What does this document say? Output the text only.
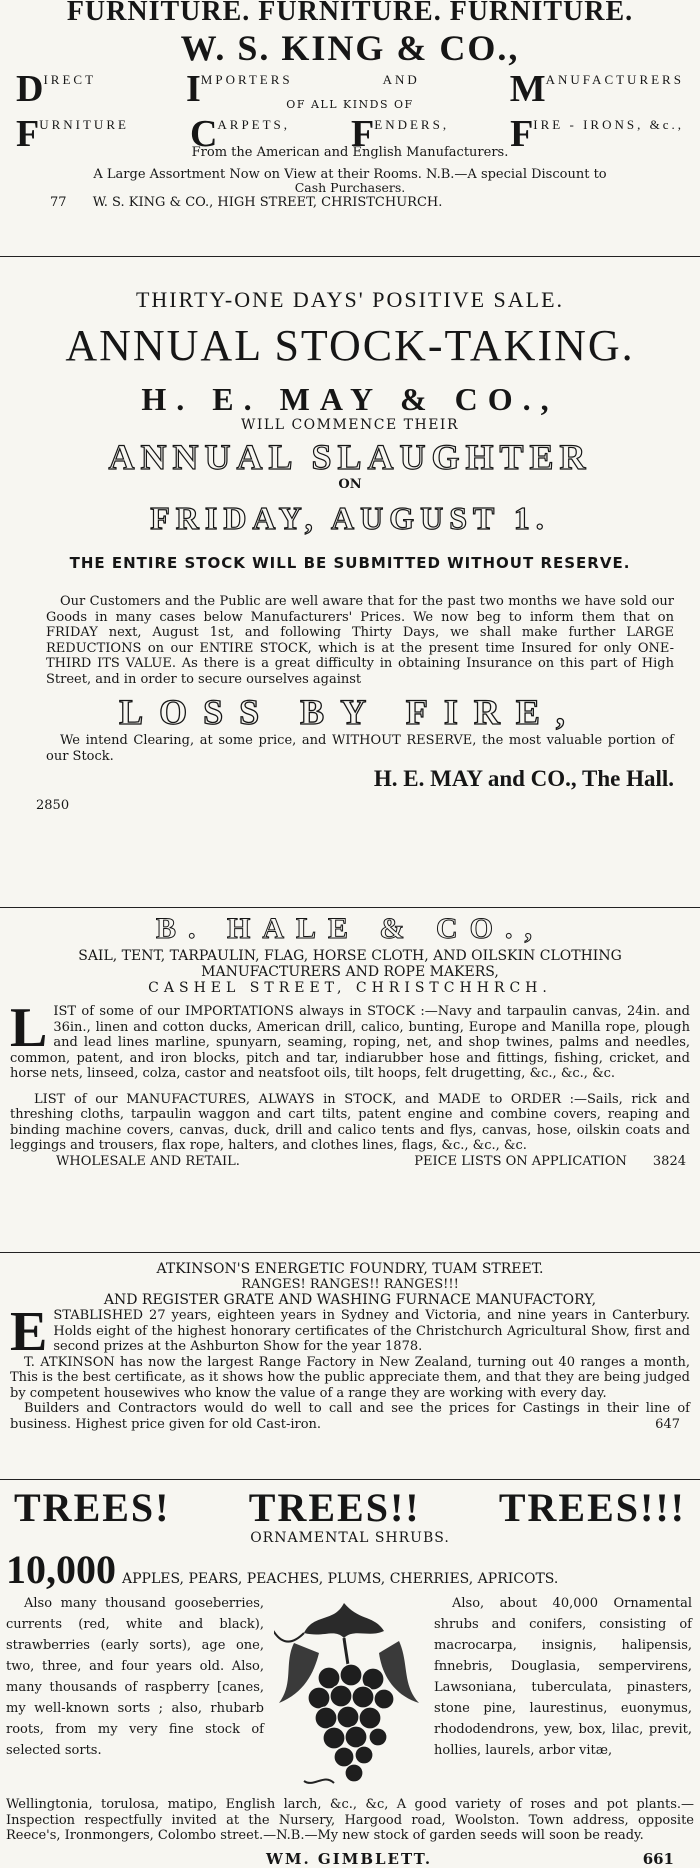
FURNITURE. FURNITURE. FURNITURE.
W. S. KING & CO.,
DIRECT IMPORTERS	AND MANUFACTURERS
OF ALL KINDS OF
FURNITURE CARPETS, FENDERS, FIRE - IRONS, &c.,
From the American and English Manufacturers.
A Large Assortment Now on View at their Rooms. N.B.—A special Discount to
Cash Purchasers.
77 W. S. KING & CO., HIGH STREET, CHRISTCHURCH.
THIRTY-ONE DAYS' POSITIVE SALE.
ANNUAL STOCK-TAKING.
H. E. MAY & CO.,
WILL COMMENCE THEIR
ANNUAL SLAUGHTER
ON
FRIDAY, AUGUST 1.
THE ENTIRE STOCK WILL BE SUBMITTED WITHOUT RESERVE.

Our Customers and the Public are well aware that for the past two months we have sold our Goods in many cases below Manufacturers' Prices. We now beg to inform them that on FRIDAY next, August 1st, and following Thirty Days, we shall make further LARGE REDUCTIONS on our ENTIRE STOCK, which is at the present time Insured for only ONE-THIRD ITS VALUE. As there is a great difficulty in obtaining Insurance on this part of High Street, and in order to secure ourselves against

LOSS BY FIRE,

We intend Clearing, at some price, and WITHOUT RESERVE, the most valuable portion of our Stock.

H. E. MAY and CO., The Hall.
2850
B. HALE & CO.,
SAIL, TENT, TARPAULIN, FLAG, HORSE CLOTH, AND OILSKIN CLOTHING
MANUFACTURERS AND ROPE MAKERS,
CASHEL STREET, CHRISTCHHRCH.
LIST of some of our IMPORTATIONS always in STOCK :—Navy and tarpaulin canvas, 24in. and 36in., linen and cotton ducks, American drill, calico, bunting, Europe and Manilla rope, plough and lead lines marline, spunyarn, seaming, roping, net, and shop twines, palms and needles, common, patent, and iron blocks, pitch and tar, indiarubber hose and fittings, fishing, cricket, and horse nets, linseed, colza, castor and neatsfoot oils, tilt hoops, felt drugetting, &c., &c., &c.
LIST of our MANUFACTURES, ALWAYS in STOCK, and MADE to ORDER :—Sails, rick and threshing cloths, tarpaulin waggon and cart tilts, patent engine and combine covers, reaping and binding machine covers, canvas, duck, drill and calico tents and flys, canvas, hose, oilskin coats and leggings and trousers, flax rope, halters, and clothes lines, flags, &c., &c., &c.
WHOLESALE AND RETAIL.	PEICE LISTS ON APPLICATION 3824
ATKINSON'S ENERGETIC FOUNDRY, TUAM STREET.
RANGES! RANGES!! RANGES!!!
AND REGISTER GRATE AND WASHING FURNACE MANUFACTORY,
ESTABLISHED 27 years, eighteen years in Sydney and Victoria, and nine years in Canterbury. Holds eight of the highest honorary certificates of the Christchurch Agricultural Show, first and second prizes at the Ashburton Show for the year 1878.
T. ATKINSON has now the largest Range Factory in New Zealand, turning out 40 ranges a month, This is the best certificate, as it shows how the public appreciate them, and that they are being judged by competent housewives who know the value of a range they are working with every day.
Builders and Contractors would do well to call and see the prices for Castings in their line of business. Highest price given for old Cast-iron.	647
TREES! TREES!! TREES!!!
ORNAMENTAL SHRUBS.
10,000 APPLES, PEARS, PEACHES, PLUMS, CHERRIES, APRICOTS.
Also many thousand gooseberries, currents (red, white and black), strawberries (early sorts), age one, two, three, and four years old. Also, many thousands of raspberry [canes, my well-known sorts ; also, rhubarb roots, from my very fine stock of selected sorts.
Also, about 40,000 Ornamental shrubs and conifers, consisting of macrocarpa, insignis, halipensis, fnnebris, Douglasia, sempervirens, Lawsoniana, tuberculata, pinasters, stone pine, laurestinus, euonymus, rhododendrons, yew, box, lilac, previt, hollies, laurels, arbor vitæ,
Wellingtonia, torulosa, matipo, English larch, &c., &c, A good variety of roses and pot plants.—Inspection respectfully invited at the Nursery, Hargood road, Woolston. Town address, opposite Reece's, Ironmongers, Colombo street.—N.B.—My new stock of garden seeds will soon be ready.
WM. GIMBLETT.	661
